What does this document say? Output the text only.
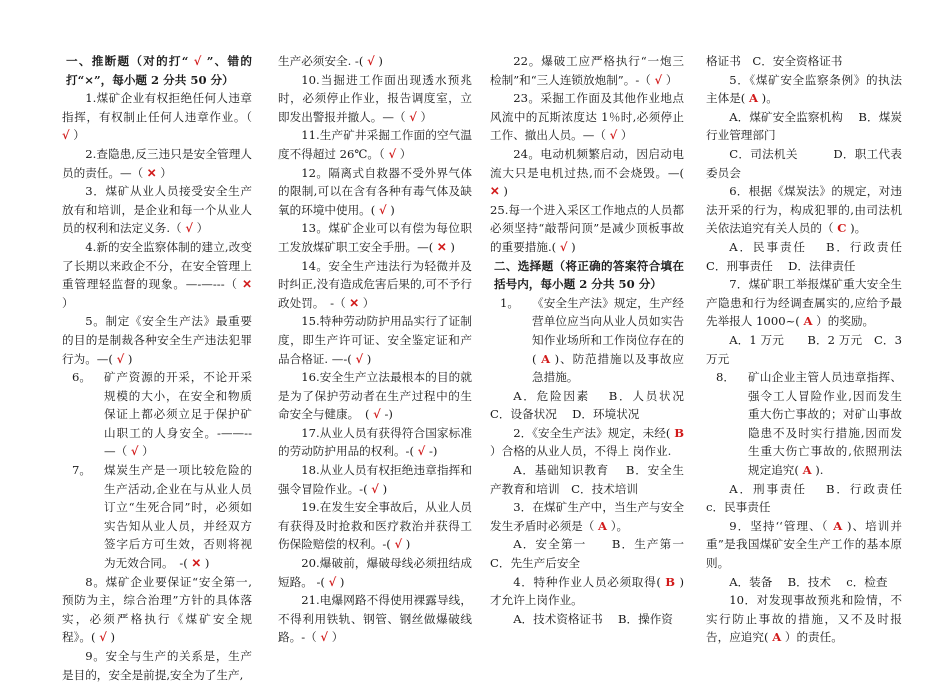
一、推断题（对的打“ √ ”、错的打“×”，每小题 2 分共 50 分）

1.煤矿企业有权拒绝任何人违章指挥，有权制止任何人违章作业。（ √ ）

2.查隐患,反三违只是安全管理人员的责任。—（ ✕ ）

3．煤矿从业人员接受安全生产放有和培训，是企业和每一个从业人员的权利和法定义务.（ √ ）

4.新的安全监察体制的建立,改变了长期以来政企不分，在安全管理上重管理轻监督的现象。—-—---（ ✕ ）

5。制定《安全生产法》最重要的目的是制裁各种安全生产违法犯罪行为。—( √ )

6。 矿产资源的开采，不论开采规模的大小，在安全和物质保证上都必须立足于保护矿山职工的人身安全。-——--—（ √ ）

7。 煤炭生产是一项比较危险的生产活动,企业在与从业人员订立“生死合同”时，必须如实告知从业人员，并经双方签字后方可生效，否则将视为无效合同。　-( ✕ )

8。煤矿企业要保证“安全第一,预防为主，综合治理”方针的具体落实，必须严格执行《煤矿安全规程》。( √ )

9。安全与生产的关系是，生产是目的，安全是前提,安全为了生产,

生产必须安全. -( √ )

10.当掘进工作面出现透水预兆时，必须停止作业，报告调度室，立即发出警报并撤人。—（ √ ）

11.生产矿井采掘工作面的空气温度不得超过 26℃。（ √ ）

12。隔离式自救器不受外界气体的限制,可以在含有各种有毒气体及缺氧的环境中使用。( √ )

13。煤矿企业可以有偿为每位职工发放煤矿职工安全手册。—( ✕ )

14。安全生产违法行为轻微并及时纠正,没有造成危害后果的,可不予行政处罚。　-（ ✕ ）

15.特种劳动防护用品实行了证制度，即生产许可证、安全鉴定证和产品合格证. —-( √ )

16.安全生产立法最根本的目的就是为了保护劳动者在生产过程中的生命安全与健康。　( √ -)

17.从业人员有获得符合国家标准的劳动防护用品的权利。-( √ -)

18.从业人员有权拒绝违章指挥和强令冒险作业。-( √ )

19.在发生安全事故后，从业人员有获得及时抢救和医疗救治并获得工伤保险赔偿的权利。-( √ )

20.爆破前，爆破母线必须扭结成短路。 -( √ )

21.电爆网路不得使用裸露导线，不得利用铁轨、钢管、钢丝做爆破线路。-（ √ ）

22。爆破工应严格执行“一炮三检制”和“三人连锁放炮制”。-（ √ ）

23。采掘工作面及其他作业地点风流中的瓦斯浓度达 1％时,必须停止工作、撤出人员。—（ √ ）

24。电动机频繁启动，因启动电流大只是电机过热,而不会烧毁。—( ✕ )

25.每一个进入采区工作地点的人员都必须坚持“敲帮问顶”是减少顶板事故的重要措施.( √ )

二、选择题（将正确的答案符合填在括号内，每小题 2 分共 50 分）

1。 《安全生产法》规定，生产经营单位应当向从业人员如实告知作业场所和工作岗位存在的( A )、防范措施以及事故应急措施。

A．危险因素　 B．人员状况　C．设备状况　 D．环境状况

2．《安全生产法》规定，未经( B ）合格的从业人员，不得上 岗作业.

A．基础知识教育　 B．安全生产教育和培训　C．技术培训

3．在煤矿生产中，当生产与安全发生矛盾时必须是（ A ）。

A．安全第一　　B．生产第一　C．先生产后安全

4．特种作业人员必须取得( B )才允许上岗作业。

A．技术资格证书　 B．操作资

格证书　C．安全资格证书

5．《煤矿安全监察条例》的执法主体是( A )。

A．煤矿安全监察机构　 B．煤炭行业管理部门

C．司法机关　　　D．职工代表委员会

6．根据《煤炭法》的规定，对违法开采的行为，构成犯罪的,由司法机关依法追究有关人员的（ C )。

A．民事责任　 B．行政责任　C．刑事责任　 D．法律责任

7．煤矿职工举报煤矿重大安全生产隐患和行为经调查属实的,应给予最先举报人 1000~( A ）的奖励。

A．1 万元　　B．2 万元　C．3 万元

8． 矿山企业主管人员违章指挥、强令工人冒险作业,因而发生重大伤亡事故的；对矿山事故隐患不及时实行措施,因而发生重大伤亡事故的,依照刑法规定追究( A ).

A．刑事责任　 B．行政责任　c．民事责任

9．坚持‘‘管理、（ A )、培训并重”是我国煤矿安全生产工作的基本原则。

A．装备　 B．技术　 c．检查

10．对发现事故预兆和险情，不实行防止事故的措施，又不及时报告，应追究( A ）的责任。
